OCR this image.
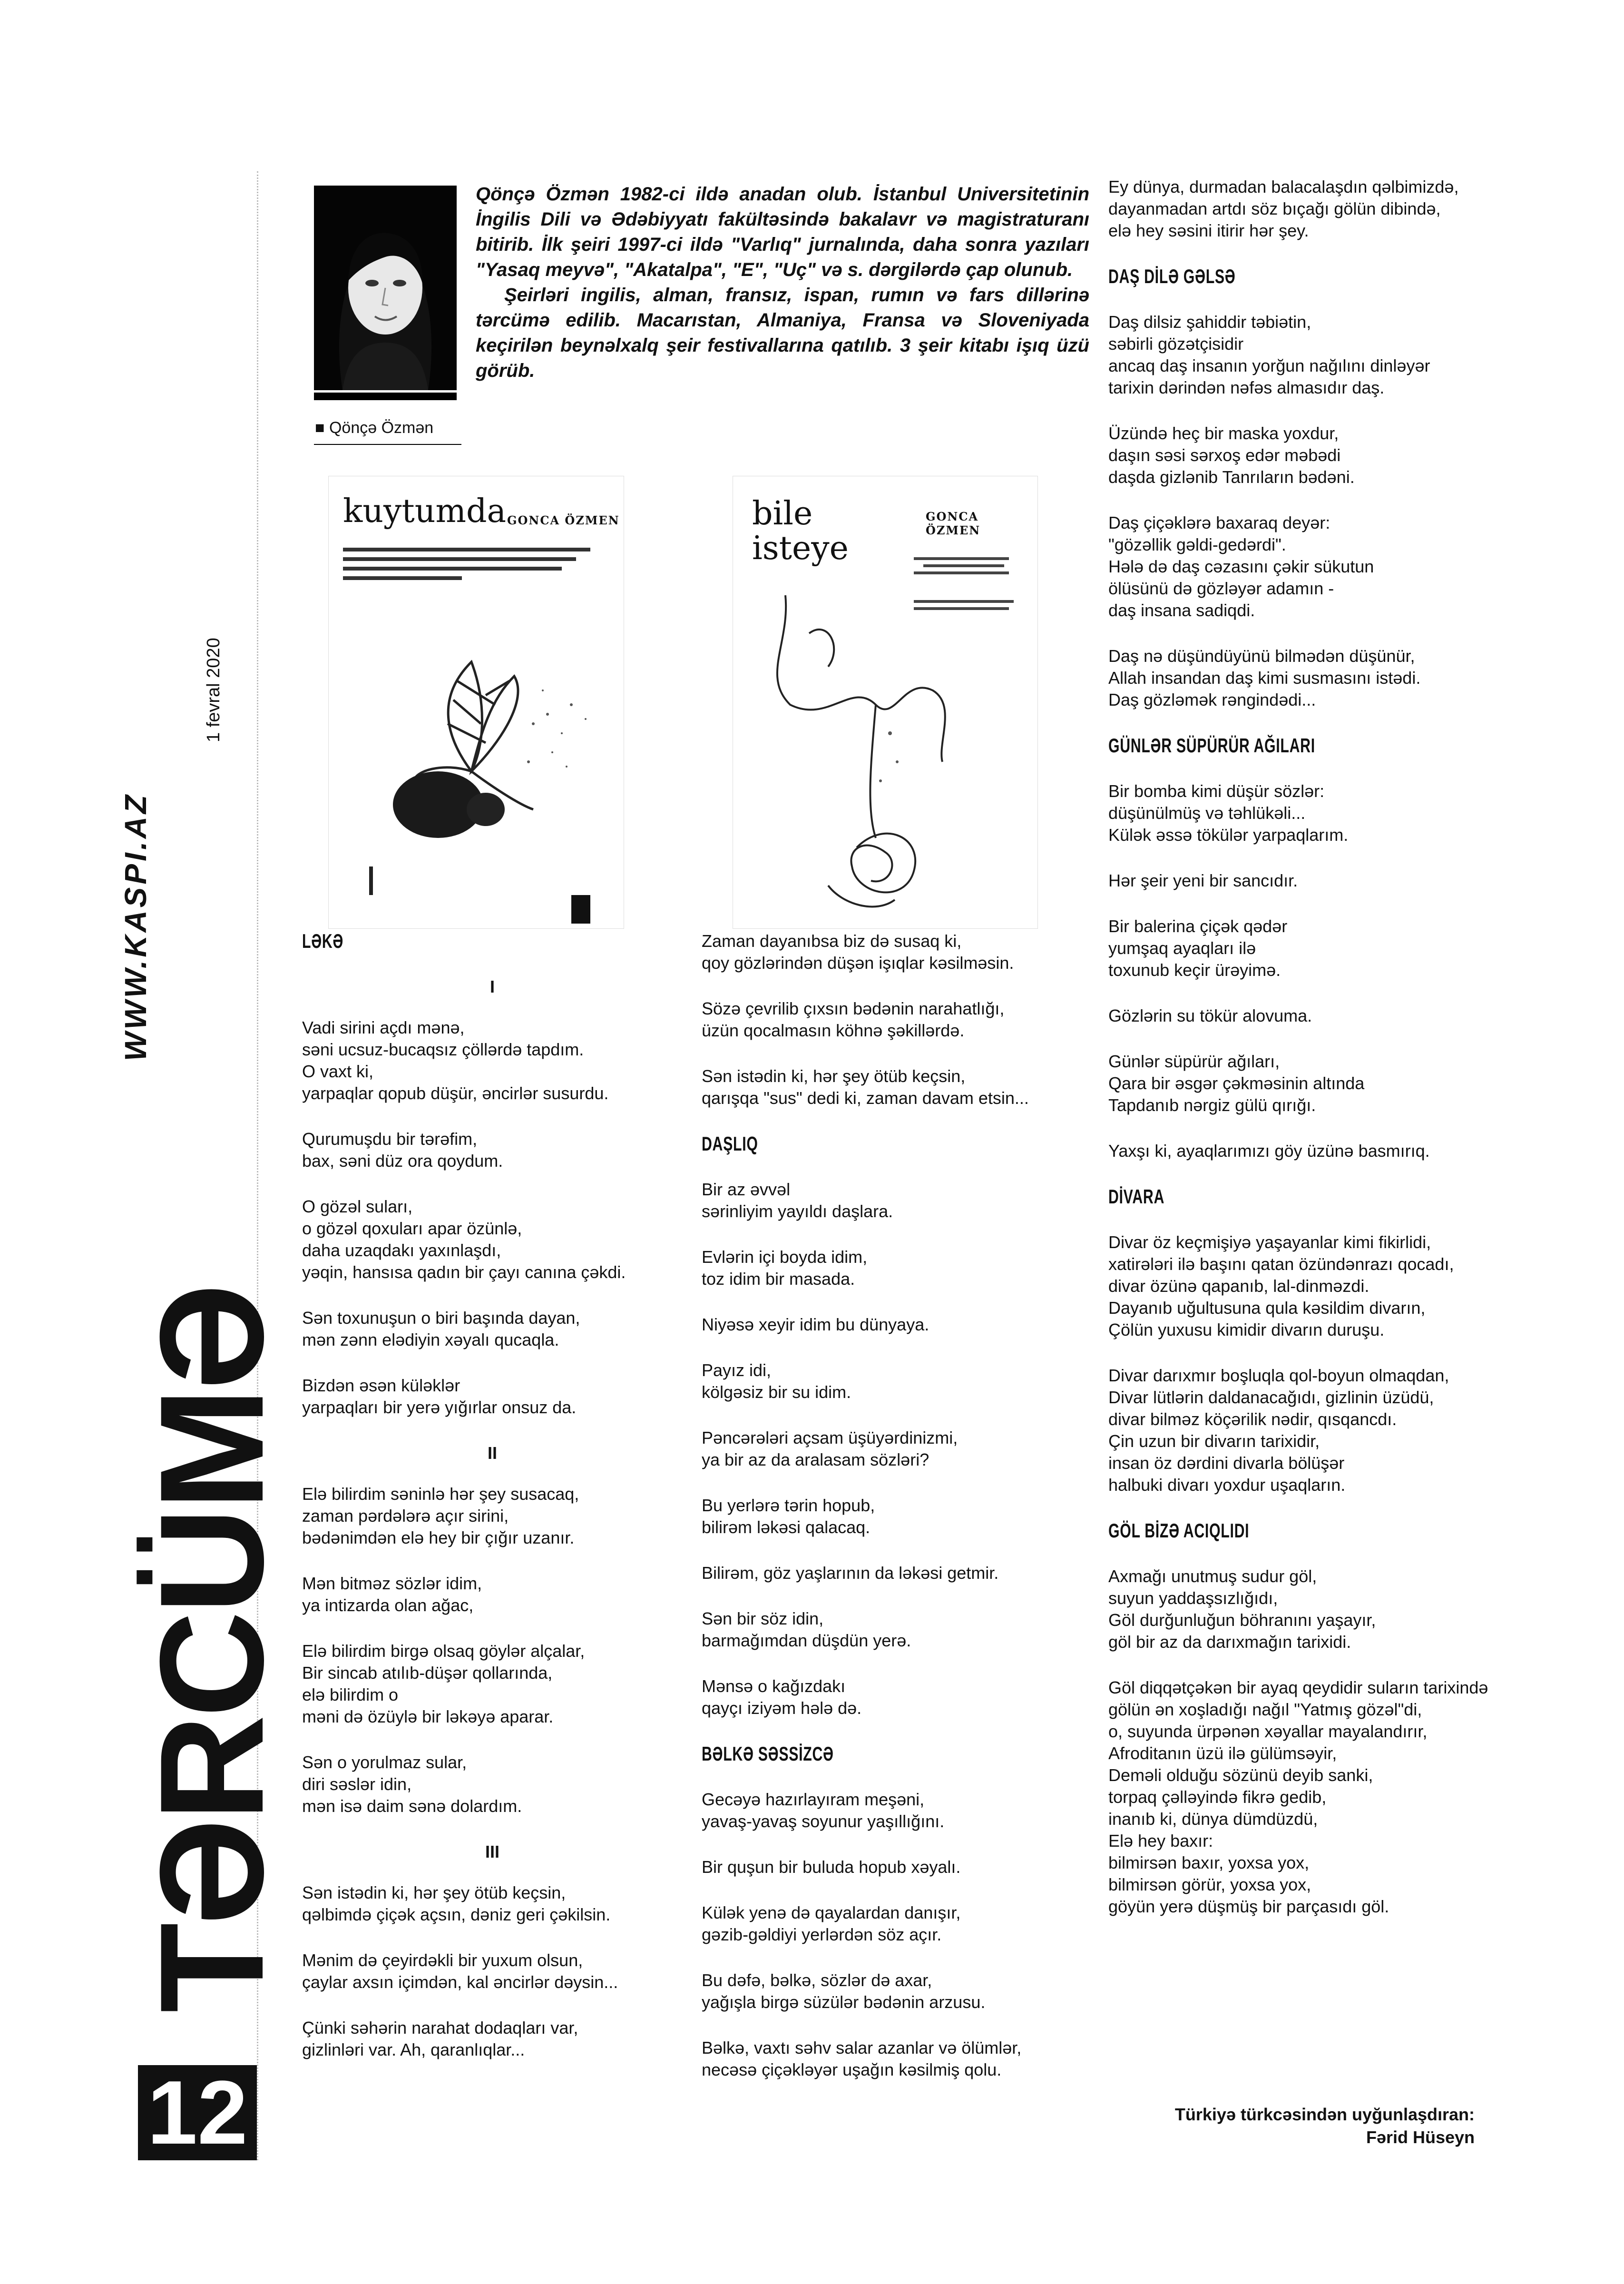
WWW.KASPI.AZ
1 fevral 2020
TƏRCÜMƏ
12
■ Qönçə Özmən

Qönçə Özmən 1982-ci ildə anadan olub. İstanbul Universitetinin İngilis Dili və Ədəbiyyatı fakültəsində bakalavr və magistraturanı bitirib. İlk şeiri 1997-ci ildə "Varlıq" jurnalında, daha sonra yazıları "Yasaq meyvə", "Akatalpa", "E", "Uç" və s. dərgilərdə çap olunub.

Şeirləri ingilis, alman, fransız, ispan, rumın və fars dillərinə tərcümə edilib. Macarıstan, Almaniya, Fransa və Sloveniyada keçirilən beynəlxalq şeir festivallarına qatılıb. 3 şeir kitabı işıq üzü görüb.

kuytumda GONCA ÖZMEN	bile
isteye
GONCA ÖZMEN
LƏKƏ

I

Vadi sirini açdı mənə,
səni ucsuz-bucaqsız çöllərdə tapdım.
O vaxt ki,
yarpaqlar qopub düşür, əncirlər susurdu.

Qurumuşdu bir tərəfim,
bax, səni düz ora qoydum.

O gözəl suları,
o gözəl qoxuları apar özünlə,
daha uzaqdakı yaxınlaşdı,
yəqin, hansısa qadın bir çayı canına çəkdi.

Sən toxunuşun o biri başında dayan,
mən zənn elədiyin xəyalı qucaqla.

Bizdən əsən küləklər
yarpaqları bir yerə yığırlar onsuz da.

II

Elə bilirdim səninlə hər şey susacaq,
zaman pərdələrə açır sirini,
bədənimdən elə hey bir çığır uzanır.

Mən bitməz sözlər idim,
ya intizarda olan ağac,

Elə bilirdim birgə olsaq göylər alçalar,
Bir sincab atılıb-düşər qollarında,
elə bilirdim o
məni də özüylə bir ləkəyə aparar.

Sən o yorulmaz sular,
diri səslər idin,
mən isə daim sənə dolardım.

III

Sən istədin ki, hər şey ötüb keçsin,
qəlbimdə çiçək açsın, dəniz geri çəkilsin.

Mənim də çeyirdəkli bir yuxum olsun,
çaylar axsın içimdən, kal əncirlər dəysin...

Çünki səhərin narahat dodaqları var,
gizlinləri var. Ah, qaranlıqlar...

Zaman dayanıbsa biz də susaq ki,
qoy gözlərindən düşən işıqlar kəsilməsin.

Sözə çevrilib çıxsın bədənin narahatlığı,
üzün qocalmasın köhnə şəkillərdə.

Sən istədin ki, hər şey ötüb keçsin,
qarışqa "sus" dedi ki, zaman davam etsin...

DAŞLIQ

Bir az əvvəl
sərinliyim yayıldı daşlara.

Evlərin içi boyda idim,
toz idim bir masada.

Niyəsə xeyir idim bu dünyaya.

Payız idi,
kölgəsiz bir su idim.

Pəncərələri açsam üşüyərdinizmi,
ya bir az da aralasam sözləri?

Bu yerlərə tərin hopub,
bilirəm ləkəsi qalacaq.

Bilirəm, göz yaşlarının da ləkəsi getmir.

Sən bir söz idin,
barmağımdan düşdün yerə.

Mənsə o kağızdakı
qayçı iziyəm hələ də.

BƏLKƏ SƏSSİZCƏ

Gecəyə hazırlayıram meşəni,
yavaş-yavaş soyunur yaşıllığını.

Bir quşun bir buluda hopub xəyalı.

Külək yenə də qayalardan danışır,
gəzib-gəldiyi yerlərdən söz açır.

Bu dəfə, bəlkə, sözlər də axar,
yağışla birgə süzülər bədənin arzusu.

Bəlkə, vaxtı səhv salar azanlar və ölümlər,
necəsə çiçəkləyər uşağın kəsilmiş qolu.

Ey dünya, durmadan balacalaşdın qəlbimizdə,
dayanmadan artdı söz bıçağı gölün dibində,
elə hey səsini itirir hər şey.

DAŞ DİLƏ GƏLSƏ

Daş dilsiz şahiddir təbiətin,
səbirli gözətçisidir
ancaq daş insanın yorğun nağılını dinləyər
tarixin dərindən nəfəs almasıdır daş.

Üzündə heç bir maska yoxdur,
daşın səsi sərxoş edər məbədi
daşda gizlənib Tanrıların bədəni.

Daş çiçəklərə baxaraq deyər:
"gözəllik gəldi-gedərdi".
Hələ də daş cəzasını çəkir sükutun
ölüsünü də gözləyər adamın -
daş insana sadiqdi.

Daş nə düşündüyünü bilmədən düşünür,
Allah insandan daş kimi susmasını istədi.
Daş gözləmək rəngindədi...

GÜNLƏR SÜPÜRÜR AĞILARI

Bir bomba kimi düşür sözlər:
düşünülmüş və təhlükəli...
Külək əssə tökülər yarpaqlarım.

Hər şeir yeni bir sancıdır.

Bir balerina çiçək qədər
yumşaq ayaqları ilə
toxunub keçir ürəyimə.

Gözlərin su tökür alovuma.

Günlər süpürür ağıları,
Qara bir əsgər çəkməsinin altında
Tapdanıb nərgiz gülü qırığı.

Yaxşı ki, ayaqlarımızı göy üzünə basmırıq.

DİVARA

Divar öz keçmişiyə yaşayanlar kimi fikirlidi,
xatirələri ilə başını qatan özündənrazı qocadı,
divar özünə qapanıb, lal-dinməzdi.
Dayanıb uğultusuna qula kəsildim divarın,
Çölün yuxusu kimidir divarın duruşu.

Divar darıxmır boşluqla qol-boyun olmaqdan,
Divar lütlərin daldanacağıdı, gizlinin üzüdü,
divar bilməz köçərilik nədir, qısqancdı.
Çin uzun bir divarın tarixidir,
insan öz dərdini divarla bölüşər
halbuki divarı yoxdur uşaqların.

GÖL BİZƏ ACIQLIDI

Axmağı unutmuş sudur göl,
suyun yaddaşsızlığıdı,
Göl durğunluğun böhranını yaşayır,
göl bir az da darıxmağın tarixidi.

Göl diqqətçəkən bir ayaq qeydidir suların tarixində
gölün ən xoşladığı nağıl "Yatmış gözəl"di,
o, suyunda ürpənən xəyallar mayalandırır,
Afroditanın üzü ilə gülümsəyir,
Deməli olduğu sözünü deyib sanki,
torpaq çəlləyində fikrə gedib,
inanıb ki, dünya dümdüzdü,
Elə hey baxır:
bilmirsən baxır, yoxsa yox,
bilmirsən görür, yoxsa yox,
göyün yerə düşmüş bir parçasıdı göl.

Türkiyə türkcəsindən uyğunlaşdıran:
Fərid Hüseyn
